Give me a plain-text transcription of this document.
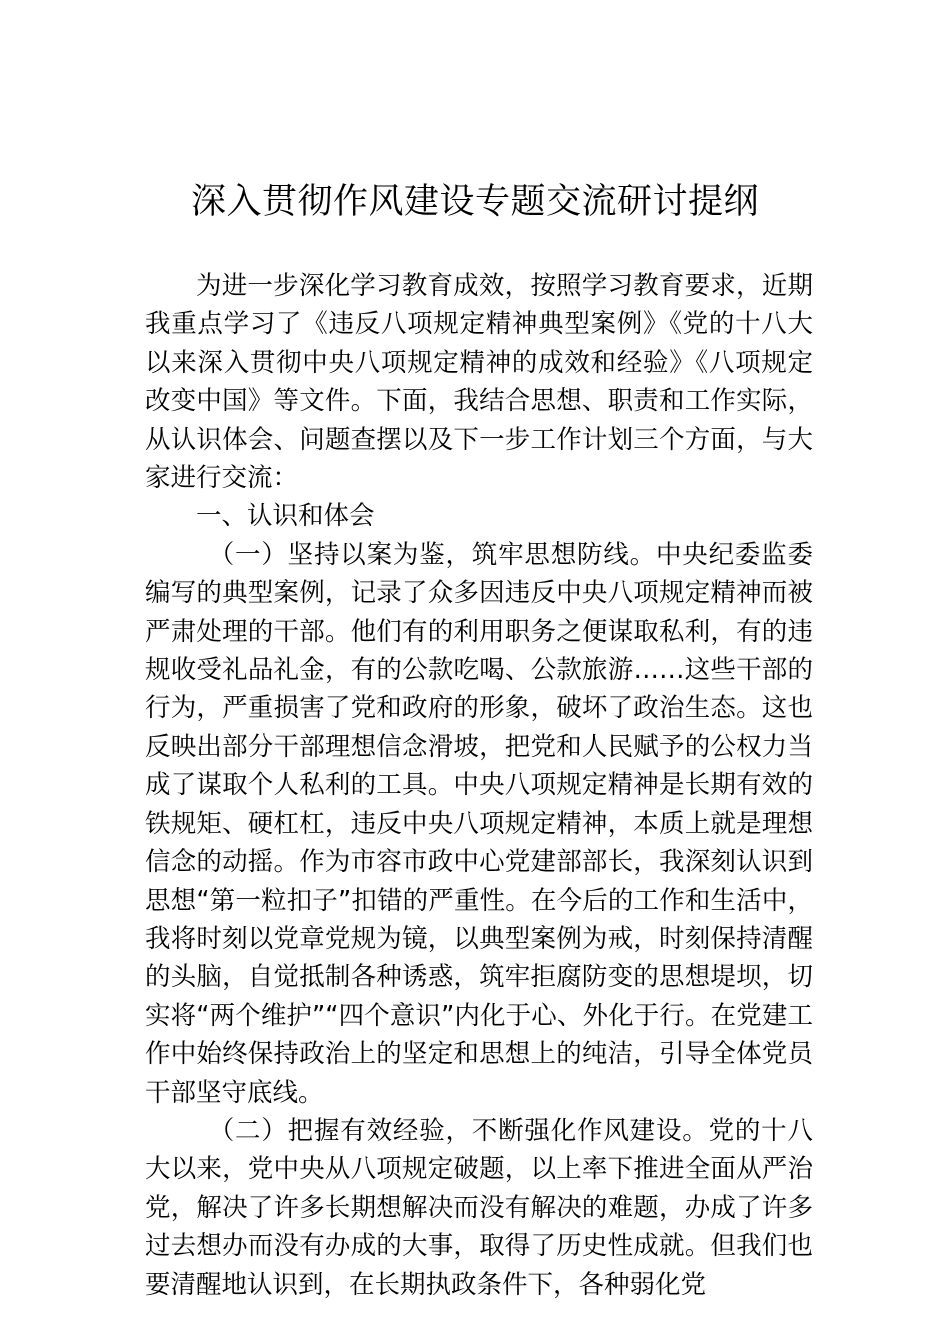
深入贯彻作风建设专题交流研讨提纲

为进一步深化学习教育成效，按照学习教育要求，近期我重点学习了《违反八项规定精神典型案例》《党的十八大以来深入贯彻中央八项规定精神的成效和经验》《八项规定改变中国》等文件。下面，我结合思想、职责和工作实际，从认识体会、问题查摆以及下一步工作计划三个方面，与大家进行交流：

一、认识和体会

（一）坚持以案为鉴，筑牢思想防线。中央纪委监委编写的典型案例，记录了众多因违反中央八项规定精神而被严肃处理的干部。他们有的利用职务之便谋取私利，有的违规收受礼品礼金，有的公款吃喝、公款旅游……这些干部的行为，严重损害了党和政府的形象，破坏了政治生态。这也反映出部分干部理想信念滑坡，把党和人民赋予的公权力当成了谋取个人私利的工具。中央八项规定精神是长期有效的铁规矩、硬杠杠，违反中央八项规定精神，本质上就是理想信念的动摇。作为市容市政中心党建部部长，我深刻认识到思想“第一粒扣子”扣错的严重性。在今后的工作和生活中，我将时刻以党章党规为镜，以典型案例为戒，时刻保持清醒的头脑，自觉抵制各种诱惑，筑牢拒腐防变的思想堤坝，切实将“两个维护”“四个意识”内化于心、外化于行。在党建工作中始终保持政治上的坚定和思想上的纯洁，引导全体党员干部坚守底线。

（二）把握有效经验，不断强化作风建设。党的十八大以来，党中央从八项规定破题，以上率下推进全面从严治党，解决了许多长期想解决而没有解决的难题，办成了许多过去想办而没有办成的大事，取得了历史性成就。但我们也要清醒地认识到，在长期执政条件下，各种弱化党
